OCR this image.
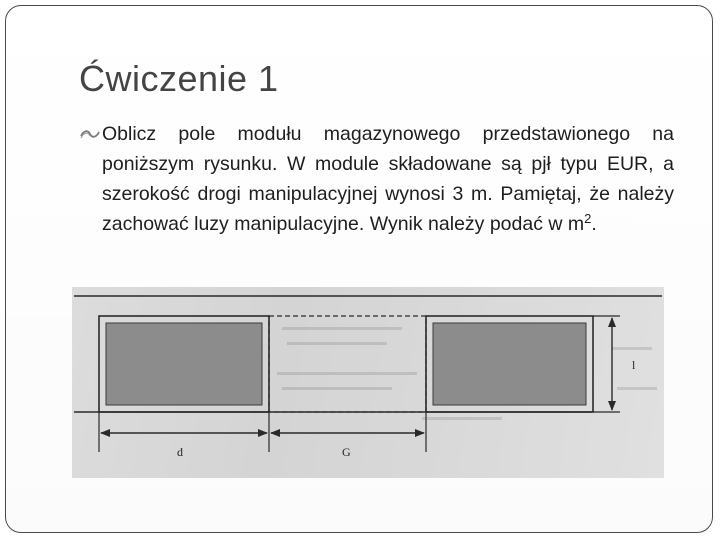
Ćwiczenie 1
Oblicz pole modułu magazynowego przedstawionego na poniższym rysunku. W module składowane są pjł typu EUR, a szerokość drogi manipulacyjnej wynosi 3 m. Pamiętaj, że należy zachować luzy manipulacyjne. Wynik należy podać w $m^2$.
l
d	G
